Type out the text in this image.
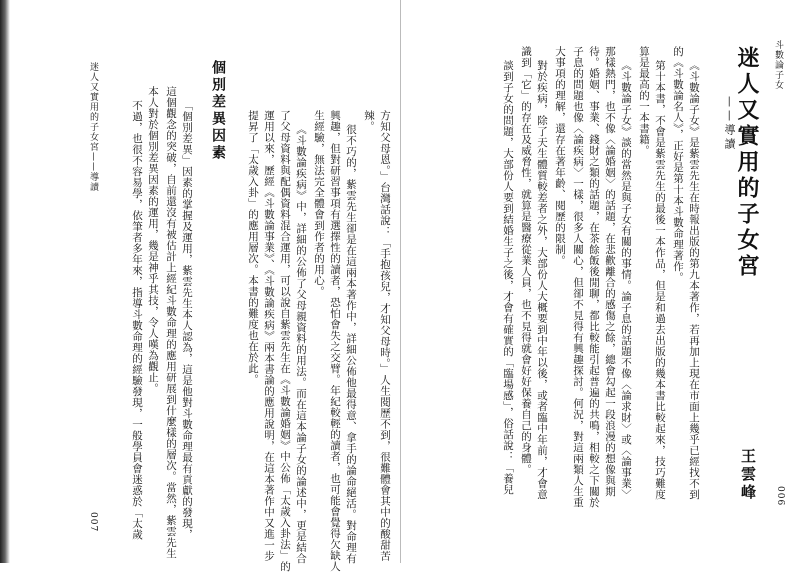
迷人又實用的子女宮——導讀
007	方知父母恩。」台灣話說：「手抱孩兒，才知父母時。」人生閱歷不到，很難體會其中的酸甜苦
辣。
很不巧的，紫雲先生卻是在這兩本著作中，詳細公佈他最得意、拿手的論命絕活。對命理有
興趣，但對研習事項有選擇性的讀者，恐怕會失之交臂。年紀較輕的讀者，也可能會覺得欠缺人
生經驗，無法完全體會到作者的用心。
《斗數論疾病》中，詳細的公佈了父母親資料的用法。而在這本論子女的論述中，更是結合
了父母資料與配偶資料混合運用，可以說自紫雲先生在《斗數論婚姻》中公佈「太歲入卦法」的
運用以來，歷經《斗數論事業》、《斗數論疾病》兩本書論的應用說明，在這本著作中又進一步
提昇了「太歲入卦」的應用層次。本書的難度也在於此。
個別差異因素
「個別差異」因素的掌握及運用，紫雲先生本人認為，這是他對斗數命理最有貢獻的發現，
這個觀念的突破，自前還沒有被估計上經紀斗數命理的應用研展到什麼樣的層次。當然，紫雲先生
本人對於個別差異因素的運用，幾是神乎其技，令人嘆為觀止。
不過，也很不容易學，依筆者多年來，指導斗數命理的經驗發現，一般學員會迷惑於「太歲
斗數論子女
006
迷人又實用的子女宮
——導讀
王雲峰
《斗數論子女》是紫雲先生在時報出版的第九本著作，若再加上現在市面上幾乎已經找不到
的《斗數論名人》，正好是第十本斗數命理著作。
第十本書，不會是紫雲先生的最後一本作品，但是和過去出版的幾本書比較起來，技巧難度
算是最高的一本書籍。
《斗數論子女》談的當然是與子女有關的事情。論子息的話題不像〈論求財〉或〈論事業〉
那樣熱門，也不像〈論婚姻〉的話題，在悲歡離合的感傷之餘，總會勾起一段浪漫的想像與期
待。婚姻、事業、錢財之類的話題，在茶餘飯後閒聊，都比較能引起普遍的共鳴，相較之下關於
子息的問題也像〈論疾病〉一樣，很多人關心，但卻不見得有興趣探討。何況，對這兩類人生重
大事項的理解，還存在著年齡、閱歷的限制。
對於疾病，除了天生體質較差者之外，大部份人大概要到中年以後，或者臨中年前，才會意
識到「它」的存在及威脅性，就算是醫療從業人員，也不見得就會好好保養自己的身體。
談到子女的問題，大部份人要到結婚生子之後，才會有確實的「臨場感」，俗話說：「養兒
